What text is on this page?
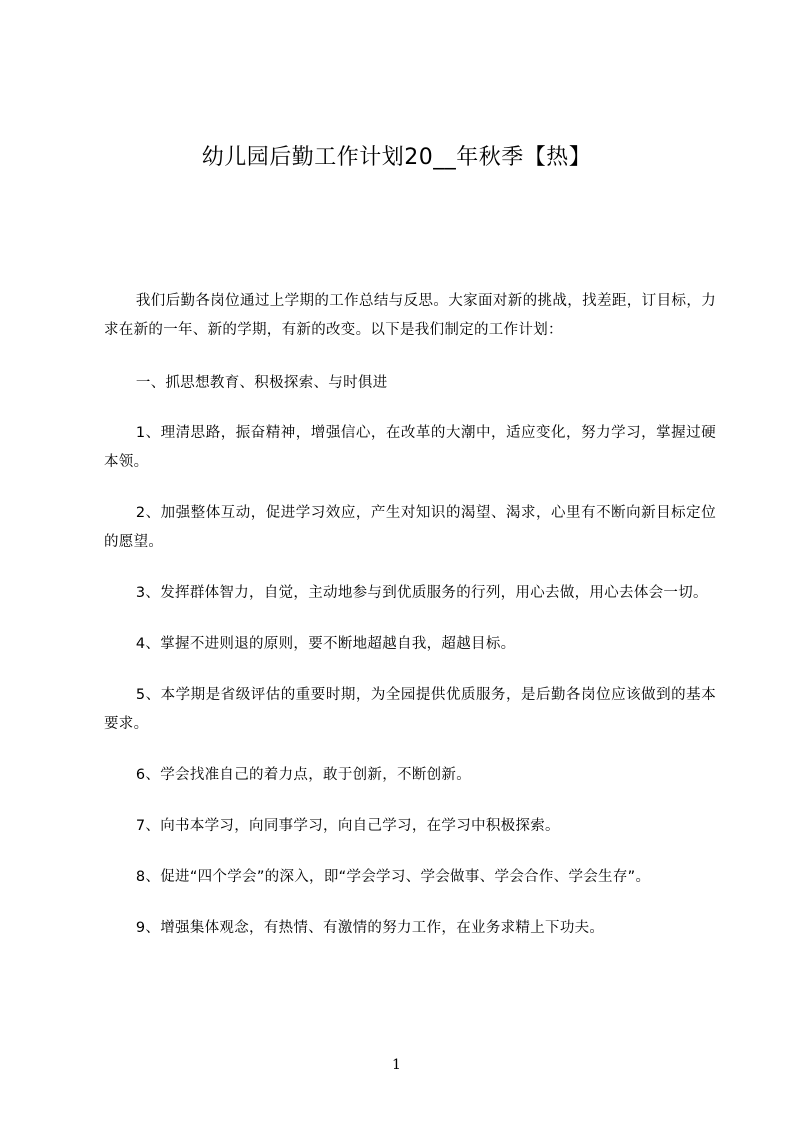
幼儿园后勤工作计划20__年秋季【热】

我们后勤各岗位通过上学期的工作总结与反思。大家面对新的挑战，找差距，订目标，力求在新的一年、新的学期，有新的改变。以下是我们制定的工作计划：

一、抓思想教育、积极探索、与时俱进

1、理清思路，振奋精神，增强信心，在改革的大潮中，适应变化，努力学习，掌握过硬本领。

2、加强整体互动，促进学习效应，产生对知识的渴望、渴求，心里有不断向新目标定位的愿望。

3、发挥群体智力，自觉，主动地参与到优质服务的行列，用心去做，用心去体会一切。

4、掌握不进则退的原则，要不断地超越自我，超越目标。

5、本学期是省级评估的重要时期，为全园提供优质服务，是后勤各岗位应该做到的基本要求。

6、学会找准自己的着力点，敢于创新，不断创新。

7、向书本学习，向同事学习，向自己学习，在学习中积极探索。

8、促进“四个学会”的深入，即“学会学习、学会做事、学会合作、学会生存”。

9、增强集体观念，有热情、有激情的努力工作，在业务求精上下功夫。

1
